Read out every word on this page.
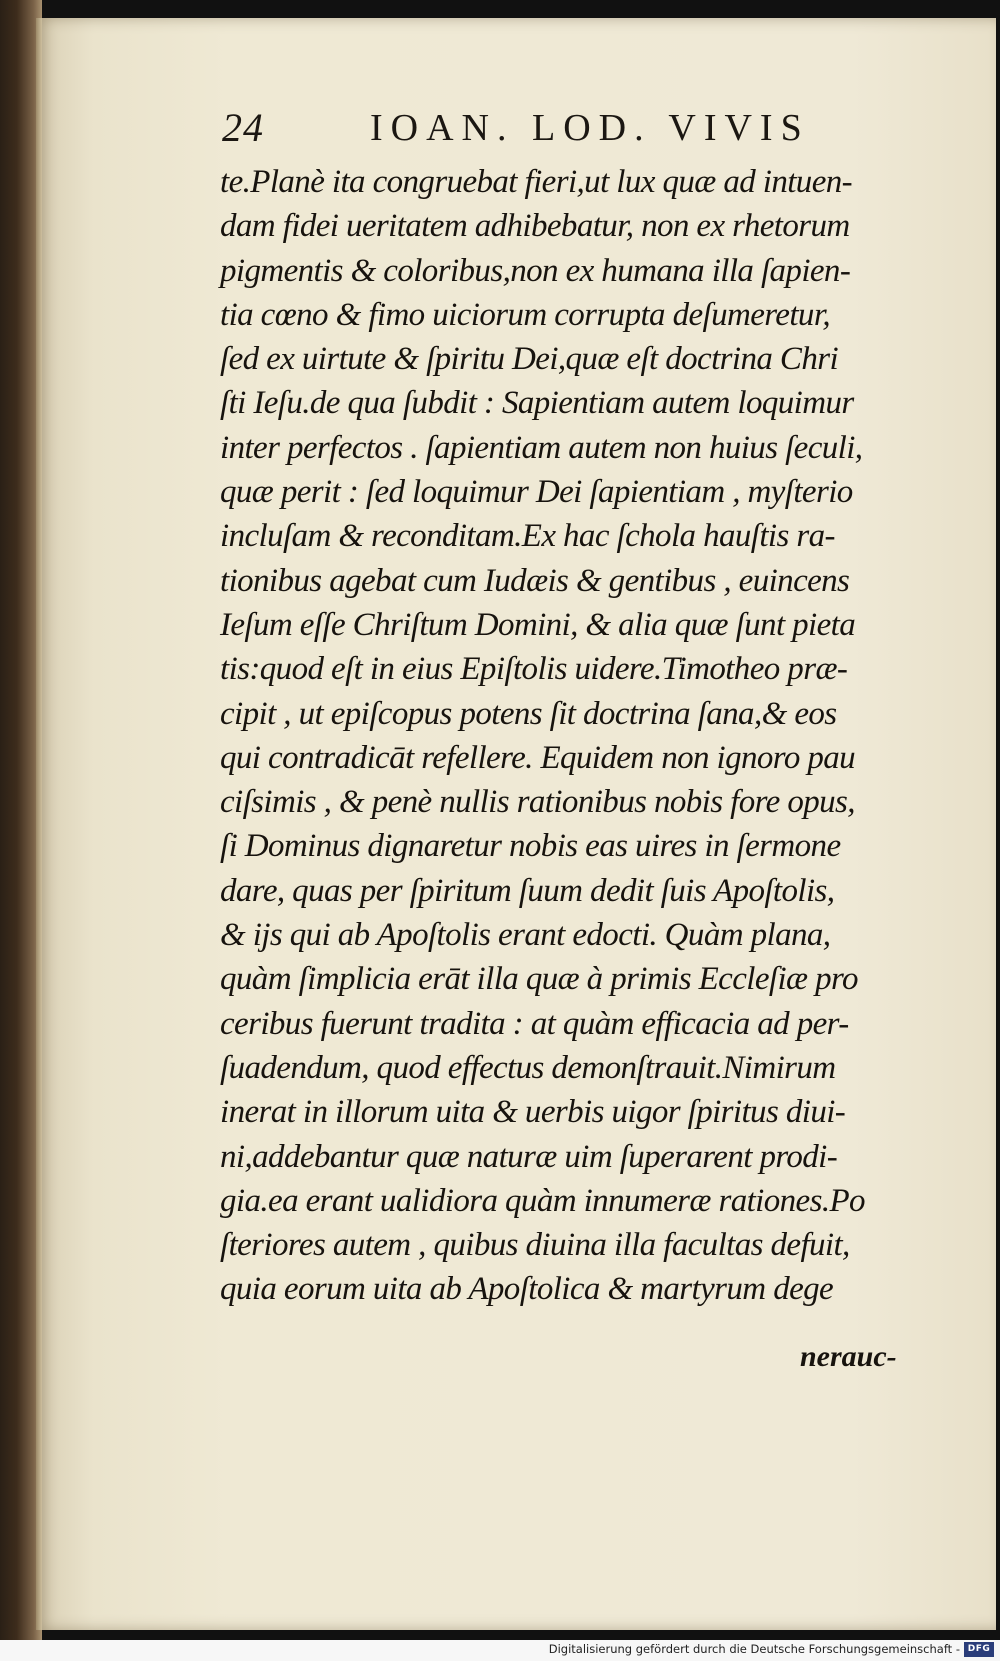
24	IOAN. LOD. VIVIS
te.Planè ita congruebat fieri,ut lux quæ ad intuen-
dam fidei ueritatem adhibebatur, non ex rhetorum
pigmentis & coloribus,non ex humana illa ſapien-
tia cœno & fimo uiciorum corrupta deſumeretur,
ſed ex uirtute & ſpiritu Dei,quæ eſt doctrina Chri
ſti Ieſu.de qua ſubdit : Sapientiam autem loquimur
inter perfectos . ſapientiam autem non huius ſeculi,
quæ perit : ſed loquimur Dei ſapientiam , myſterio
incluſam & reconditam.Ex hac ſchola hauſtis ra-
tionibus agebat cum Iudæis & gentibus , euincens
Ieſum eſſe Chriſtum Domini, & alia quæ ſunt pieta
tis:quod eſt in eius Epiſtolis uidere.Timotheo præ-
cipit , ut epiſcopus potens ſit doctrina ſana,& eos
qui contradicāt refellere. Equidem non ignoro pau
ciſsimis , & penè nullis rationibus nobis fore opus,
ſi Dominus dignaretur nobis eas uires in ſermone
dare, quas per ſpiritum ſuum dedit ſuis Apoſtolis,
& ijs qui ab Apoſtolis erant edocti. Quàm plana,
quàm ſimplicia erāt illa quæ à primis Eccleſiæ pro
ceribus fuerunt tradita : at quàm efficacia ad per-
ſuadendum, quod effectus demonſtrauit.Nimirum
inerat in illorum uita & uerbis uigor ſpiritus diui-
ni,addebantur quæ naturæ uim ſuperarent prodi-
gia.ea erant ualidiora quàm innumeræ rationes.Po
ſteriores autem , quibus diuina illa facultas defuit,
quia eorum uita ab Apoſtolica & martyrum dege
nerauc-
Digitalisierung gefördert durch die Deutsche Forschungsgemeinschaft - DFG
